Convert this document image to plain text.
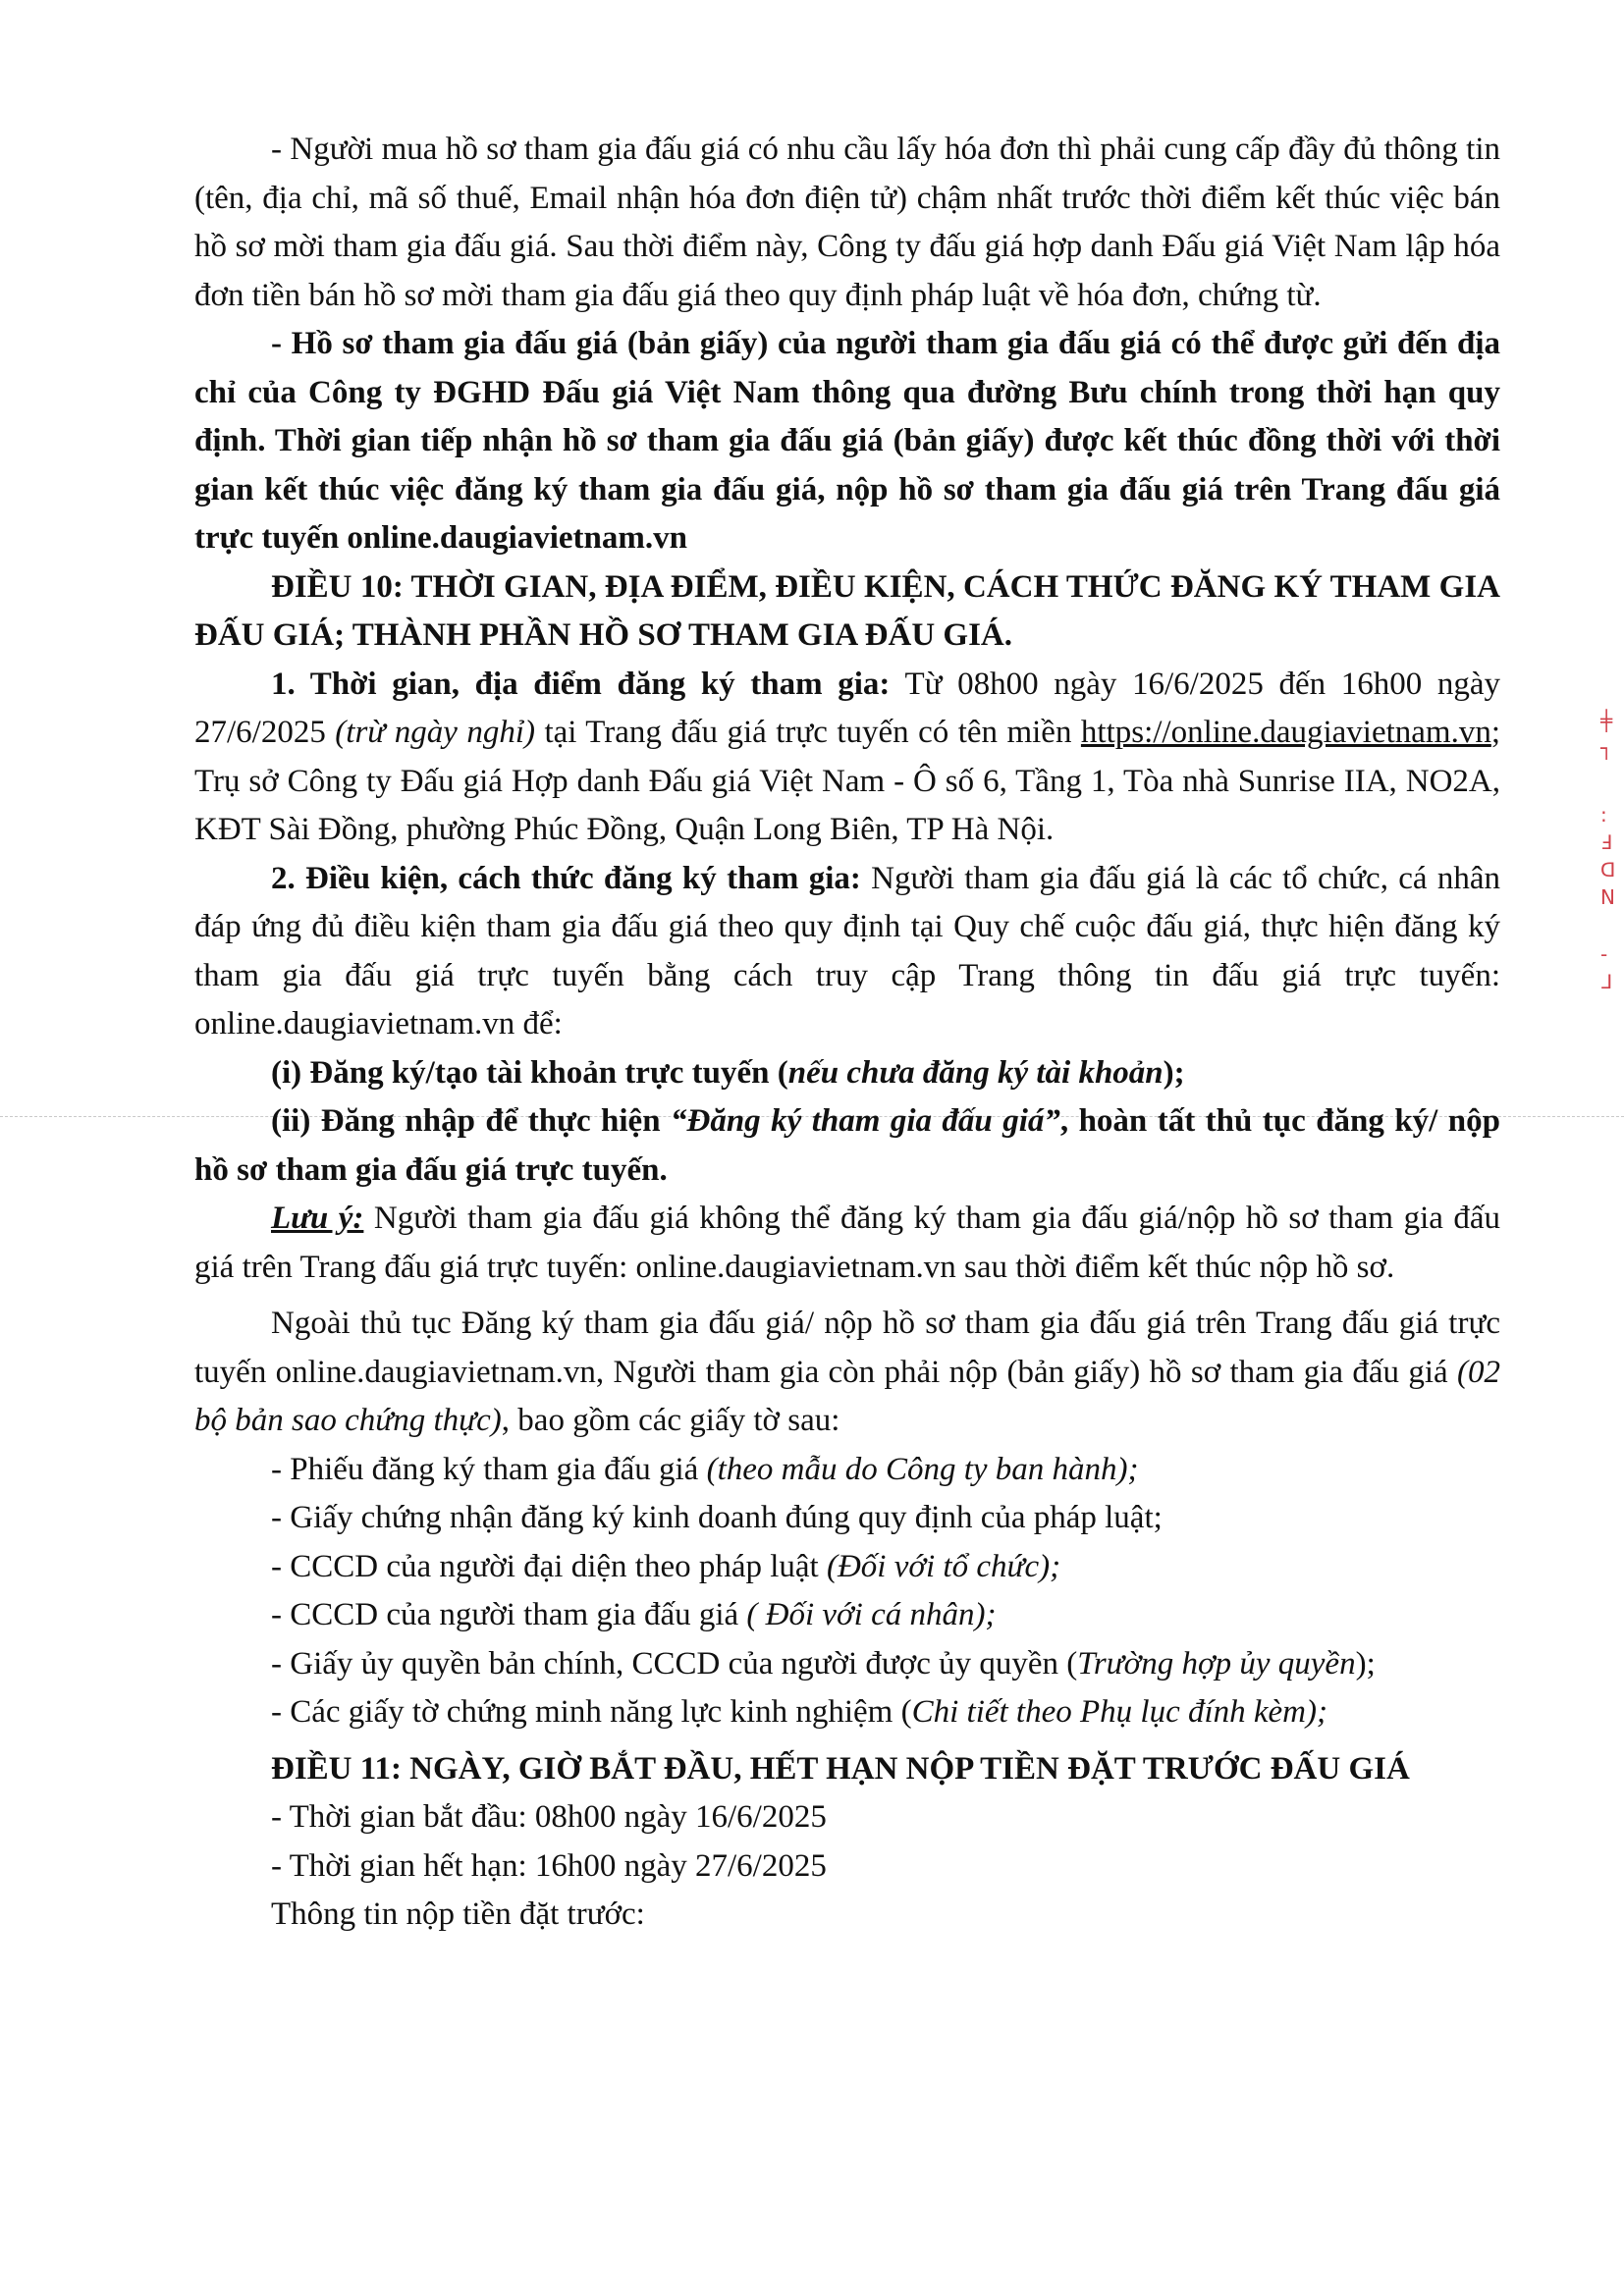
╪
┐
:
Ⅎ
ᗡ
N
-
ᒧ

- Người mua hồ sơ tham gia đấu giá có nhu cầu lấy hóa đơn thì phải cung cấp đầy đủ thông tin (tên, địa chỉ, mã số thuế, Email nhận hóa đơn điện tử) chậm nhất trước thời điểm kết thúc việc bán hồ sơ mời tham gia đấu giá. Sau thời điểm này, Công ty đấu giá hợp danh Đấu giá Việt Nam lập hóa đơn tiền bán hồ sơ mời tham gia đấu giá theo quy định pháp luật về hóa đơn, chứng từ.

- Hồ sơ tham gia đấu giá (bản giấy) của người tham gia đấu giá có thể được gửi đến địa chỉ của Công ty ĐGHD Đấu giá Việt Nam thông qua đường Bưu chính trong thời hạn quy định. Thời gian tiếp nhận hồ sơ tham gia đấu giá (bản giấy) được kết thúc đồng thời với thời gian kết thúc việc đăng ký tham gia đấu giá, nộp hồ sơ tham gia đấu giá trên Trang đấu giá trực tuyến online.daugiavietnam.vn

ĐIỀU 10: THỜI GIAN, ĐỊA ĐIỂM, ĐIỀU KIỆN, CÁCH THỨC ĐĂNG KÝ THAM GIA ĐẤU GIÁ; THÀNH PHẦN HỒ SƠ THAM GIA ĐẤU GIÁ.

1. Thời gian, địa điểm đăng ký tham gia: Từ 08h00 ngày 16/6/2025 đến 16h00 ngày 27/6/2025 (trừ ngày nghỉ) tại Trang đấu giá trực tuyến có tên miền https://online.daugiavietnam.vn; Trụ sở Công ty Đấu giá Hợp danh Đấu giá Việt Nam - Ô số 6, Tầng 1, Tòa nhà Sunrise IIA, NO2A, KĐT Sài Đồng, phường Phúc Đồng, Quận Long Biên, TP Hà Nội.

2. Điều kiện, cách thức đăng ký tham gia: Người tham gia đấu giá là các tổ chức, cá nhân đáp ứng đủ điều kiện tham gia đấu giá theo quy định tại Quy chế cuộc đấu giá, thực hiện đăng ký tham gia đấu giá trực tuyến bằng cách truy cập Trang thông tin đấu giá trực tuyến: online.daugiavietnam.vn để:

(i) Đăng ký/tạo tài khoản trực tuyến (nếu chưa đăng ký tài khoản);

(ii) Đăng nhập để thực hiện “Đăng ký tham gia đấu giá”, hoàn tất thủ tục đăng ký/ nộp hồ sơ tham gia đấu giá trực tuyến.

Lưu ý: Người tham gia đấu giá không thể đăng ký tham gia đấu giá/nộp hồ sơ tham gia đấu giá trên Trang đấu giá trực tuyến: online.daugiavietnam.vn sau thời điểm kết thúc nộp hồ sơ.

Ngoài thủ tục Đăng ký tham gia đấu giá/ nộp hồ sơ tham gia đấu giá trên Trang đấu giá trực tuyến online.daugiavietnam.vn, Người tham gia còn phải nộp (bản giấy) hồ sơ tham gia đấu giá (02 bộ bản sao chứng thực), bao gồm các giấy tờ sau:

- Phiếu đăng ký tham gia đấu giá (theo mẫu do Công ty ban hành);

- Giấy chứng nhận đăng ký kinh doanh đúng quy định của pháp luật;

- CCCD của người đại diện theo pháp luật (Đối với tổ chức);

- CCCD của người tham gia đấu giá ( Đối với cá nhân);

- Giấy ủy quyền bản chính, CCCD của người được ủy quyền (Trường hợp ủy quyền);

- Các giấy tờ chứng minh năng lực kinh nghiệm (Chi tiết theo Phụ lục đính kèm);

ĐIỀU 11: NGÀY, GIỜ BẮT ĐẦU, HẾT HẠN NỘP TIỀN ĐẶT TRƯỚC ĐẤU GIÁ

- Thời gian bắt đầu: 08h00 ngày 16/6/2025

- Thời gian hết hạn: 16h00 ngày 27/6/2025

Thông tin nộp tiền đặt trước:
